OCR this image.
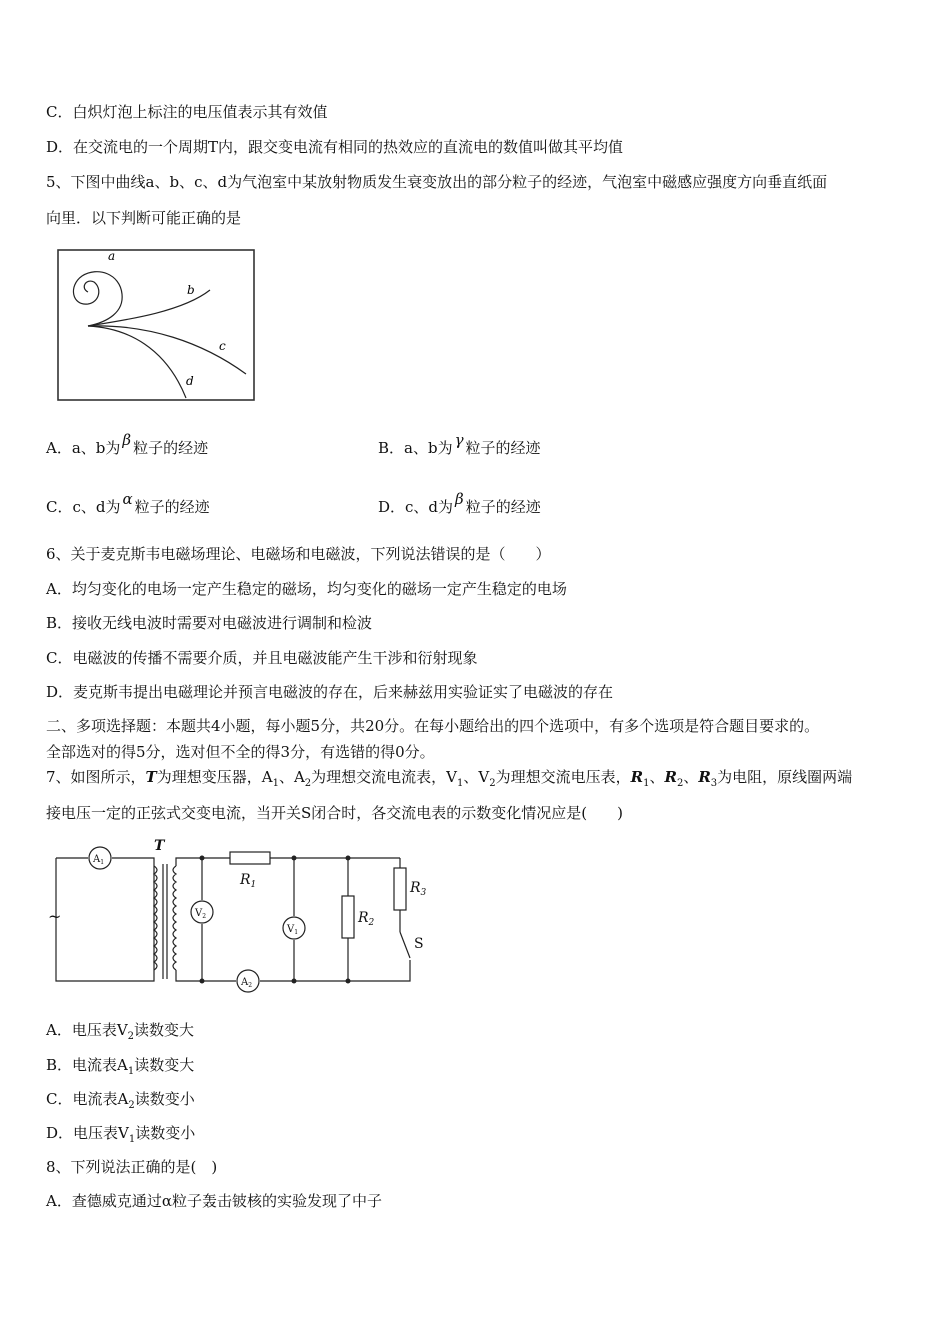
C．白炽灯泡上标注的电压值表示其有效值
D．在交流电的一个周期T内，跟交变电流有相同的热效应的直流电的数值叫做其平均值
5、下图中曲线a、b、c、d为气泡室中某放射物质发生衰变放出的部分粒子的经迹，气泡室中磁感应强度方向垂直纸面
向里．以下判断可能正确的是
a
b
c
d
A．a、b为 β 粒子的经迹	B．a、b为 γ 粒子的经迹
C．c、d为 α 粒子的经迹	D．c、d为 β 粒子的经迹
6、关于麦克斯韦电磁场理论、电磁场和电磁波，下列说法错误的是（　　）
A．均匀变化的电场一定产生稳定的磁场，均匀变化的磁场一定产生稳定的电场
B．接收无线电波时需要对电磁波进行调制和检波
C．电磁波的传播不需要介质，并且电磁波能产生干涉和衍射现象
D．麦克斯韦提出电磁理论并预言电磁波的存在，后来赫兹用实验证实了电磁波的存在
二、多项选择题：本题共4小题，每小题5分，共20分。在每小题给出的四个选项中，有多个选项是符合题目要求的。
全部选对的得5分，选对但不全的得3分，有选错的得0分。
7、如图所示，T为理想变压器，$A_1$、$A_2$为理想交流电流表，$V_1$、$V_2$为理想交流电压表，$R_1$、$R_2$、$R_3$为电阻，原线圈两端
接电压一定的正弦式交变电流，当开关S闭合时，各交流电表的示数变化情况应是(　　)
~
T
$A_1$
$V_2$
$A_2$
$V_1$
$R_1$
$R_2$
$R_3$
S
A．电压表$V_2$读数变大
B．电流表$A_1$读数变大
C．电流表$A_2$读数变小
D．电压表$V_1$读数变小
8、下列说法正确的是(　)
A．查德威克通过α粒子轰击铍核的实验发现了中子
